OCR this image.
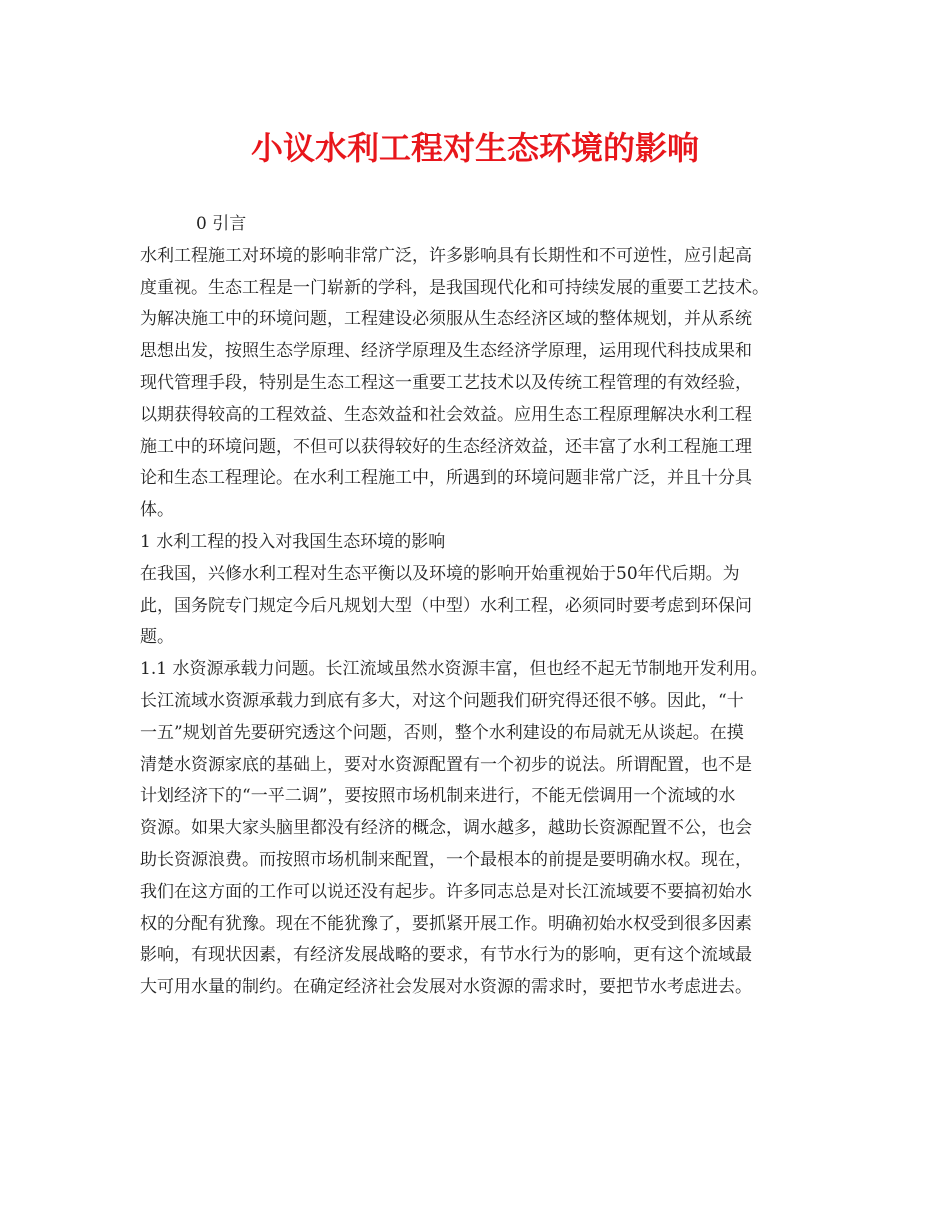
小议水利工程对生态环境的影响

0 引言

水利工程施工对环境的影响非常广泛，许多影响具有长期性和不可逆性，应引起高

度重视。生态工程是一门崭新的学科，是我国现代化和可持续发展的重要工艺技术。

为解决施工中的环境问题，工程建设必须服从生态经济区域的整体规划，并从系统

思想出发，按照生态学原理、经济学原理及生态经济学原理，运用现代科技成果和

现代管理手段，特别是生态工程这一重要工艺技术以及传统工程管理的有效经验，

以期获得较高的工程效益、生态效益和社会效益。应用生态工程原理解决水利工程

施工中的环境问题，不但可以获得较好的生态经济效益，还丰富了水利工程施工理

论和生态工程理论。在水利工程施工中，所遇到的环境问题非常广泛，并且十分具

体。

1 水利工程的投入对我国生态环境的影响

在我国，兴修水利工程对生态平衡以及环境的影响开始重视始于50年代后期。为

此，国务院专门规定今后凡规划大型（中型）水利工程，必须同时要考虑到环保问

题。

1.1 水资源承载力问题。长江流域虽然水资源丰富，但也经不起无节制地开发利用。

长江流域水资源承载力到底有多大，对这个问题我们研究得还很不够。因此，“十

一五”规划首先要研究透这个问题，否则，整个水利建设的布局就无从谈起。在摸

清楚水资源家底的基础上，要对水资源配置有一个初步的说法。所谓配置，也不是

计划经济下的“一平二调”，要按照市场机制来进行，不能无偿调用一个流域的水

资源。如果大家头脑里都没有经济的概念，调水越多，越助长资源配置不公，也会

助长资源浪费。而按照市场机制来配置，一个最根本的前提是要明确水权。现在，

我们在这方面的工作可以说还没有起步。许多同志总是对长江流域要不要搞初始水

权的分配有犹豫。现在不能犹豫了，要抓紧开展工作。明确初始水权受到很多因素

影响，有现状因素，有经济发展战略的要求，有节水行为的影响，更有这个流域最

大可用水量的制约。在确定经济社会发展对水资源的需求时，要把节水考虑进去。
